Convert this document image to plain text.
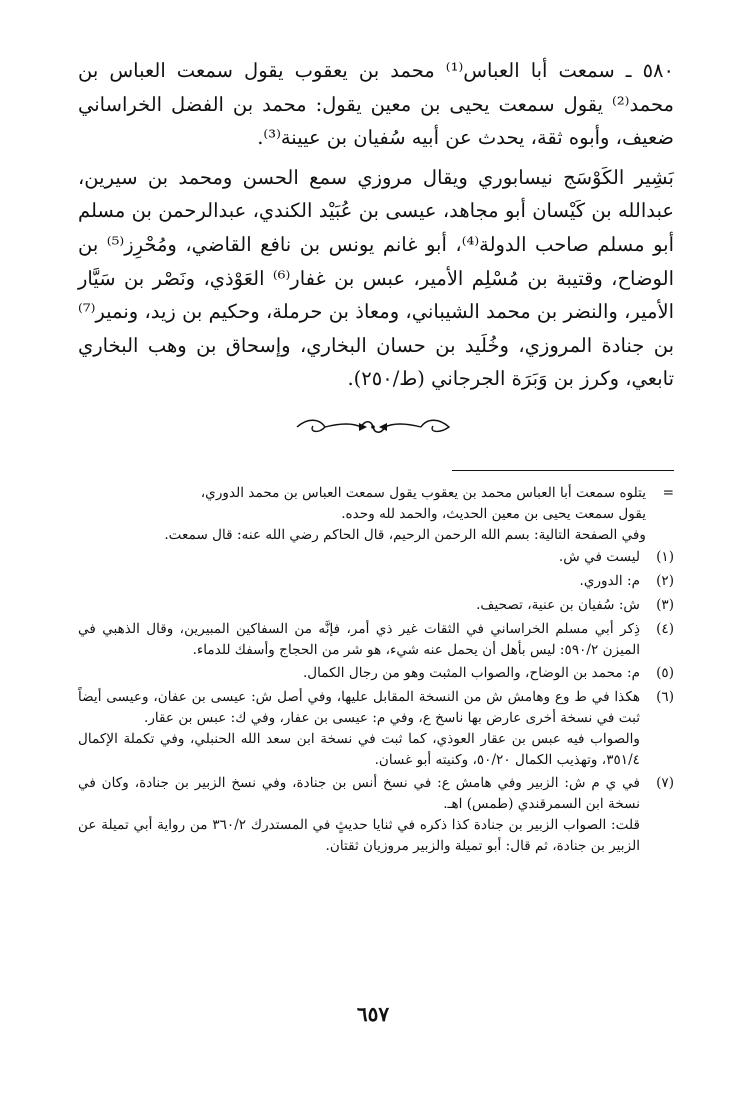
٥٨٠ ـ سمعت أبا العباس⁽¹⁾ محمد بن يعقوب يقول سمعت العباس بن محمد⁽²⁾ يقول سمعت يحيى بن معين يقول: محمد بن الفضل الخراساني ضعيف، وأبوه ثقة، يحدث عن أبيه سُفيان بن عيينة⁽³⁾.

بَشِير الكَوْسَج نيسابوري ويقال مروزي سمع الحسن ومحمد بن سيرين، عبدالله بن كَيْسان أبو مجاهد، عيسى بن عُبَيْد الكندي، عبدالرحمن بن مسلم أبو مسلم صاحب الدولة⁽⁴⁾، أبو غانم يونس بن نافع القاضي، ومُحْرِز⁽⁵⁾ بن الوضاح، وقتيبة بن مُسْلِم الأمير، عبس بن غفار⁽⁶⁾ العَوْذي، ونَصْر بن سَيَّار الأمير، والنضر بن محمد الشيباني، ومعاذ بن حرملة، وحكيم بن زيد، ونمير⁽⁷⁾ بن جنادة المروزي، وخُلَيد بن حسان البخاري، وإسحاق بن وهب البخاري تابعي، وكرز بن وَبَرَة الجرجاني (ط/٢٥٠).

=
يتلوه سمعت أبا العباس محمد بن يعقوب يقول سمعت العباس بن محمد الدوري،
يقول سمعت يحيى بن معين الحديث، والحمد لله وحده.
وفي الصفحة التالية: بسم الله الرحمن الرحيم، قال الحاكم رضي الله عنه: قال سمعت.
(١)
ليست في ش.
(٢)
م: الدوري.
(٣)
ش: سُفيان بن عنية، تصحيف.
(٤)
ذِكر أبي مسلم الخراساني في الثقات غير ذي أمر، فإنَّه من السفاكين المبيرين، وقال الذهبي في الميزن ٥٩٠/٢: ليس بأهل أن يحمل عنه شيء، هو شر من الحجاج وأسفك للدماء.
(٥)
م: محمد بن الوضاح، والصواب المثبت وهو من رجال الكمال.
(٦)
هكذا في ط وع وهامش ش من النسخة المقابل عليها، وفي أصل ش: عيسى بن عفان، وعيسى أيضاً ثبت في نسخة أخرى عارض بها ناسخ ع، وفي م: عيسى بن عفار، وفي ك: عبس بن عقار.
والصواب فيه عبس بن عقار العوذي، كما ثبت في نسخة ابن سعد الله الحنبلي، وفي تكملة الإكمال ٣٥١/٤، وتهذيب الكمال ٥٠/٢٠، وكنيته أبو غسان.
(٧)
في ي م ش: الزبير وفي هامش ع: في نسخ أنس بن جنادة، وفي نسخ الزبير بن جنادة، وكان في نسخة ابن السمرقندي (طمس) اهـ.
قلت: الصواب الزبير بن جنادة كذا ذكره في ثنايا حديثٍ في المستدرك ٣٦٠/٢ من رواية أبي تميلة عن الزبير بن جنادة، ثم قال: أبو تميلة والزبير مروزيان ثقتان.
٦٥٧
